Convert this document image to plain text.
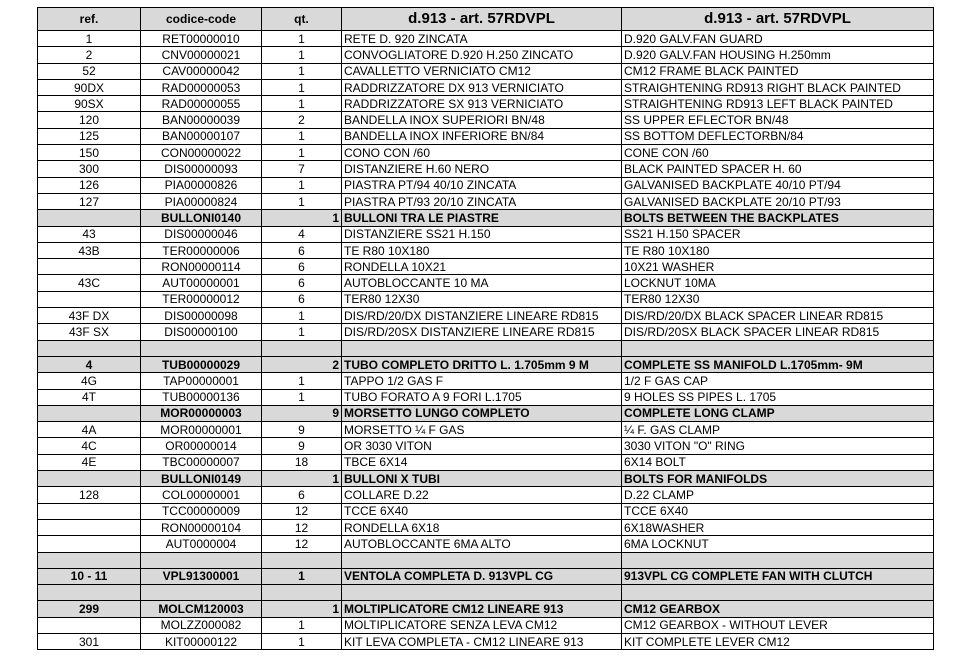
ref.	codice-code	qt.	d.913 - art. 57RDVPL	d.913 - art. 57RDVPL
1	RET00000010	1	RETE D. 920 ZINCATA	D.920 GALV.FAN GUARD
2	CNV00000021	1	CONVOGLIATORE D.920 H.250 ZINCATO	D.920 GALV.FAN HOUSING H.250mm
52	CAV00000042	1	CAVALLETTO VERNICIATO CM12	CM12 FRAME BLACK PAINTED
90DX	RAD00000053	1	RADDRIZZATORE DX 913 VERNICIATO	STRAIGHTENING RD913 RIGHT BLACK PAINTED
90SX	RAD00000055	1	RADDRIZZATORE SX 913 VERNICIATO	STRAIGHTENING RD913 LEFT BLACK PAINTED
120	BAN00000039	2	BANDELLA INOX SUPERIORI BN/48	SS UPPER EFLECTOR BN/48
125	BAN00000107	1	BANDELLA INOX INFERIORE BN/84	SS BOTTOM DEFLECTORBN/84
150	CON00000022	1	CONO CON /60	CONE CON /60
300	DIS00000093	7	DISTANZIERE H.60 NERO	BLACK PAINTED SPACER H. 60
126	PIA00000826	1	PIASTRA PT/94 40/10 ZINCATA	GALVANISED BACKPLATE 40/10 PT/94
127	PIA00000824	1	PIASTRA PT/93 20/10 ZINCATA	GALVANISED BACKPLATE 20/10 PT/93
	BULLONI0140	1	BULLONI TRA LE PIASTRE	BOLTS BETWEEN THE BACKPLATES
43	DIS00000046	4	DISTANZIERE SS21 H.150	SS21 H.150 SPACER
43B	TER00000006	6	TE R80 10X180	TE R80 10X180
	RON00000114	6	RONDELLA 10X21	10X21 WASHER
43C	AUT00000001	6	AUTOBLOCCANTE 10 MA	LOCKNUT 10MA
	TER00000012	6	TER80 12X30	TER80 12X30
43F DX	DIS00000098	1	DIS/RD/20/DX DISTANZIERE LINEARE RD815	DIS/RD/20/DX BLACK SPACER LINEAR RD815
43F SX	DIS00000100	1	DIS/RD/20SX DISTANZIERE LINEARE RD815	DIS/RD/20SX BLACK SPACER LINEAR RD815

4	TUB00000029	2	TUBO COMPLETO DRITTO L. 1.705mm 9 M	COMPLETE SS MANIFOLD L.1705mm- 9M
4G	TAP00000001	1	TAPPO 1/2 GAS F	1/2 F GAS CAP
4T	TUB00000136	1	TUBO FORATO A 9 FORI L.1705	9 HOLES SS PIPES L. 1705
	MOR00000003	9	MORSETTO LUNGO COMPLETO	COMPLETE LONG CLAMP
4A	MOR00000001	9	MORSETTO ¼ F GAS	¼ F. GAS CLAMP
4C	OR00000014	9	OR 3030 VITON	3030 VITON "O" RING
4E	TBC00000007	18	TBCE 6X14	6X14 BOLT
	BULLONI0149	1	BULLONI X TUBI	BOLTS FOR MANIFOLDS
128	COL00000001	6	COLLARE D.22	D.22 CLAMP
	TCC00000009	12	TCCE 6X40	TCCE 6X40
	RON00000104	12	RONDELLA 6X18	6X18WASHER
	AUT0000004	12	AUTOBLOCCANTE 6MA ALTO	6MA LOCKNUT

10 - 11	VPL91300001	1	VENTOLA COMPLETA D. 913VPL CG	913VPL CG COMPLETE FAN WITH CLUTCH

299	MOLCM120003	1	MOLTIPLICATORE CM12 LINEARE 913	CM12 GEARBOX
	MOLZZ000082	1	MOLTIPLICATORE SENZA LEVA CM12	CM12 GEARBOX - WITHOUT LEVER
301	KIT00000122	1	KIT LEVA COMPLETA - CM12 LINEARE 913	KIT COMPLETE LEVER CM12
